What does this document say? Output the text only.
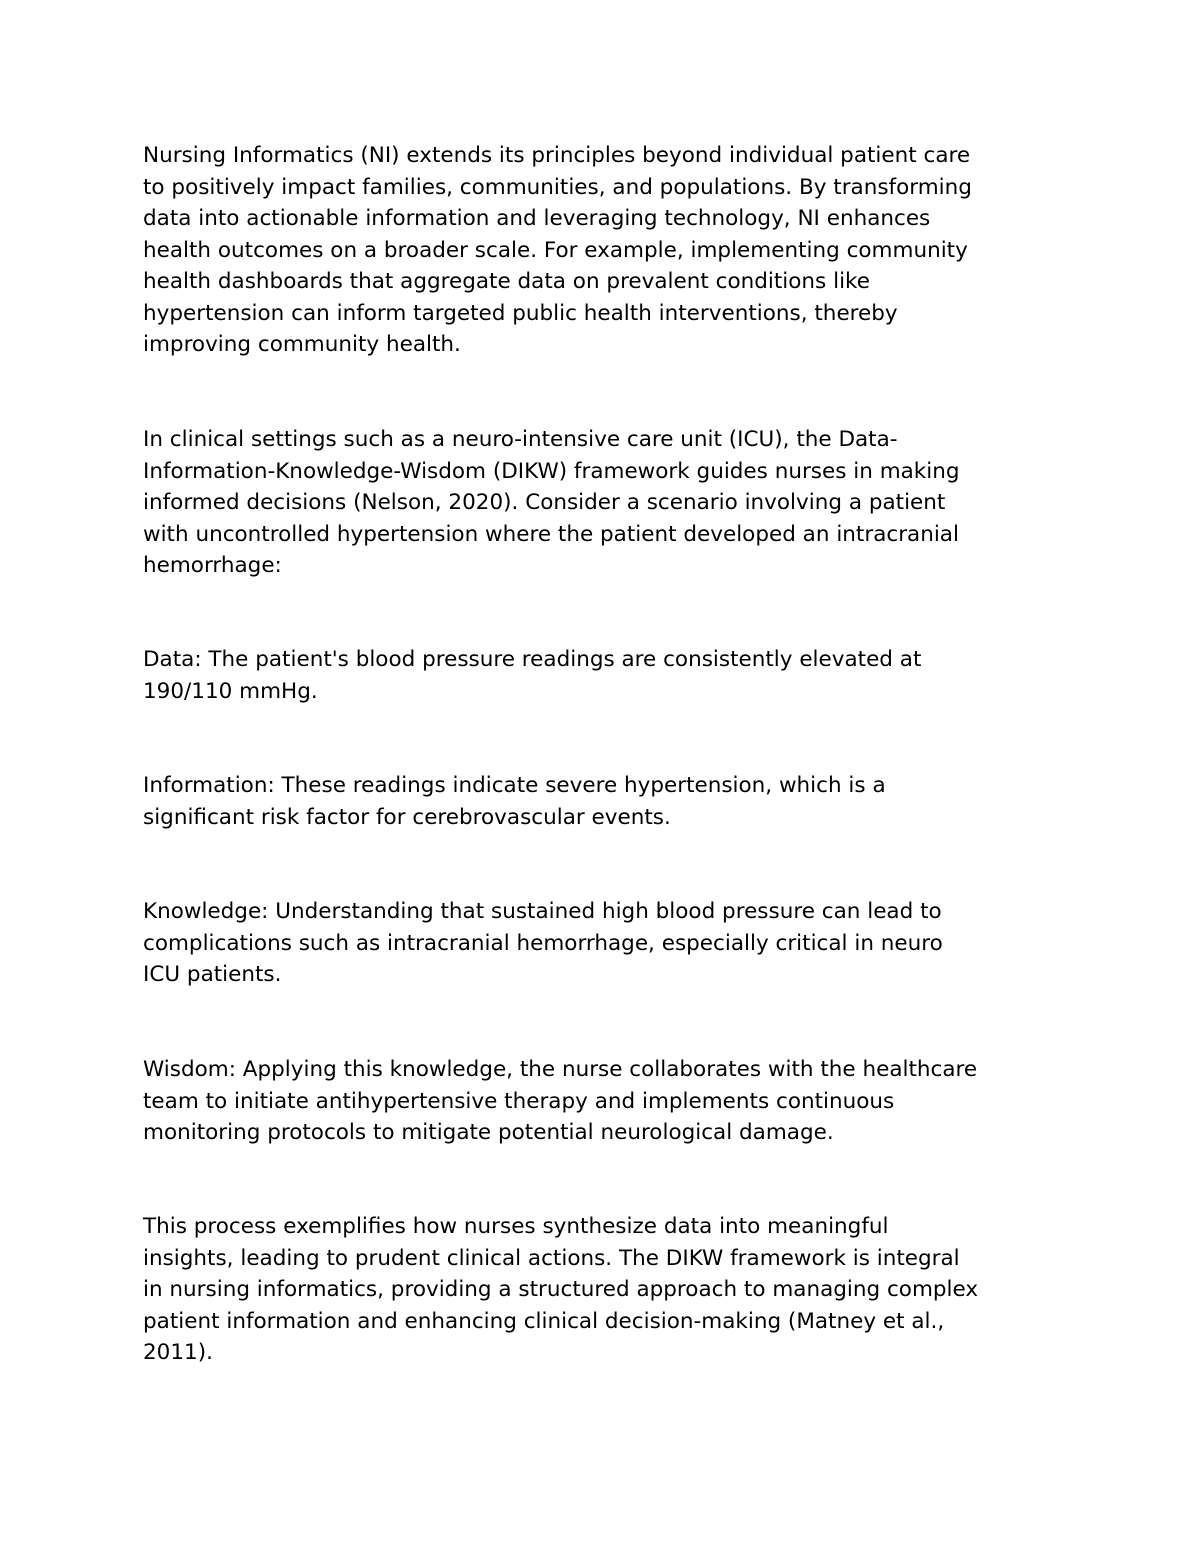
Nursing Informatics (NI) extends its principles beyond individual patient care
to positively impact families, communities, and populations. By transforming
data into actionable information and leveraging technology, NI enhances
health outcomes on a broader scale. For example, implementing community
health dashboards that aggregate data on prevalent conditions like
hypertension can inform targeted public health interventions, thereby
improving community health.

In clinical settings such as a neuro-intensive care unit (ICU), the Data-
Information-Knowledge-Wisdom (DIKW) framework guides nurses in making
informed decisions (Nelson, 2020). Consider a scenario involving a patient
with uncontrolled hypertension where the patient developed an intracranial
hemorrhage:

Data: The patient's blood pressure readings are consistently elevated at
190/110 mmHg.

Information: These readings indicate severe hypertension, which is a
significant risk factor for cerebrovascular events.

Knowledge: Understanding that sustained high blood pressure can lead to
complications such as intracranial hemorrhage, especially critical in neuro
ICU patients.

Wisdom: Applying this knowledge, the nurse collaborates with the healthcare
team to initiate antihypertensive therapy and implements continuous
monitoring protocols to mitigate potential neurological damage.

This process exemplifies how nurses synthesize data into meaningful
insights, leading to prudent clinical actions. The DIKW framework is integral
in nursing informatics, providing a structured approach to managing complex
patient information and enhancing clinical decision-making (Matney et al.,
2011).
